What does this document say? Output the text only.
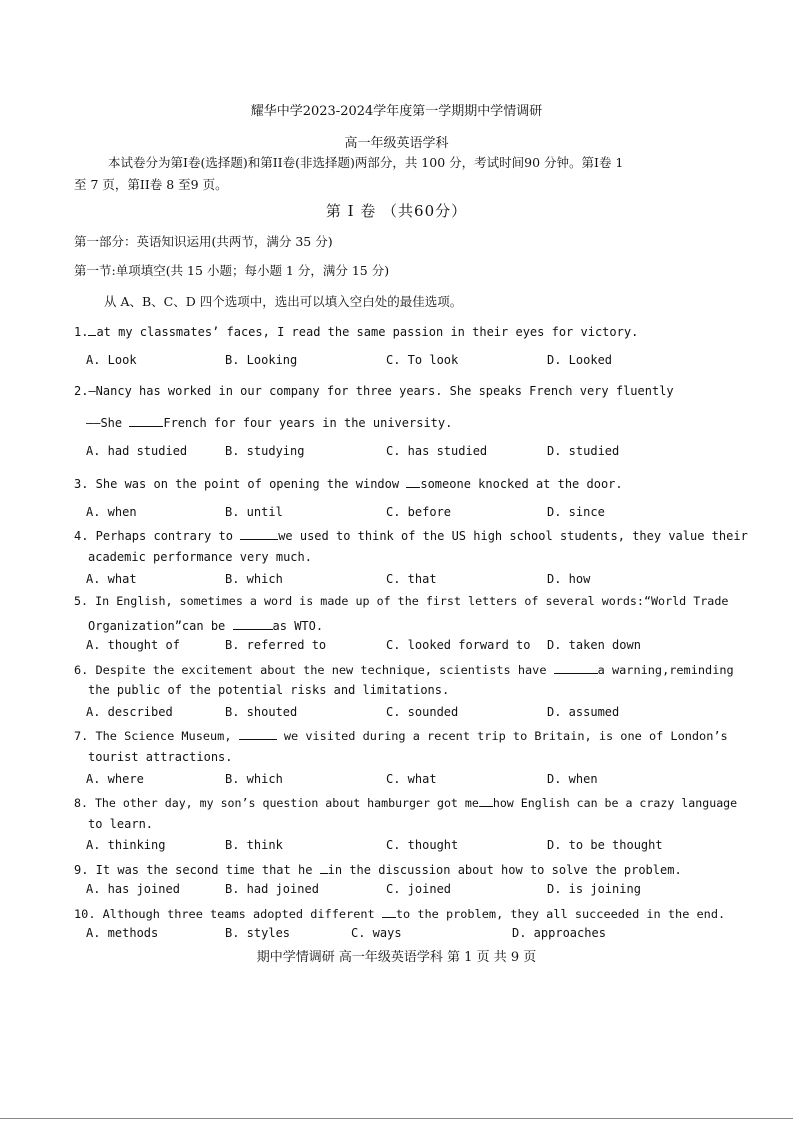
耀华中学2023-2024学年度第一学期期中学情调研
高一年级英语学科
本试卷分为第I卷(选择题)和第II卷(非选择题)两部分，共 100 分，考试时间90 分钟。第I卷 1
至 7 页，第II卷 8 至9 页。
第 I 卷 （共60分）
第一部分：英语知识运用(共两节，满分 35 分)
第一节:单项填空(共 15 小题；每小题 1 分，满分 15 分)
从 A、B、C、D 四个选项中，选出可以填入空白处的最佳选项。
1. at my classmates’ faces, I read the same passion in their eyes for victory.
A. Look	B. Looking	C. To look	D. Looked
2.—Nancy has worked in our company for three years. She speaks French very fluently
——She	French for four years in the university.
A. had studied	B. studying	C. has studied	D. studied
3. She was on the point of opening the window someone knocked at the door.
A. when	B. until	C. before	D. since
4. Perhaps contrary to	we used to think of the US high school students, they value their
academic performance very much.
A. what	B. which	C. that	D. how
5. In English, sometimes a word is made up of the first letters of several words:“World Trade
Organization”can be	as WTO.
A. thought of	B. referred to	C. looked forward to D. taken down
6. Despite the excitement about the new technique, scientists have	a warning,reminding
the public of the potential risks and limitations.
A. described	B. shouted	C. sounded	D. assumed
7. The Science Museum,	we visited during a recent trip to Britain, is one of London’s
tourist attractions.
A. where	B. which	C. what	D. when
8. The other day, my son’s question about hamburger got me how English can be a crazy language
to learn.
A. thinking	B. think	C. thought	D. to be thought
9. It was the second time that he in the discussion about how to solve the problem.
A. has joined	B. had joined	C. joined	D. is joining
10. Although three teams adopted different to the problem, they all succeeded in the end.
A. methods	B. styles	C. ways	D. approaches
期中学情调研 高一年级英语学科 第 1 页 共 9 页
